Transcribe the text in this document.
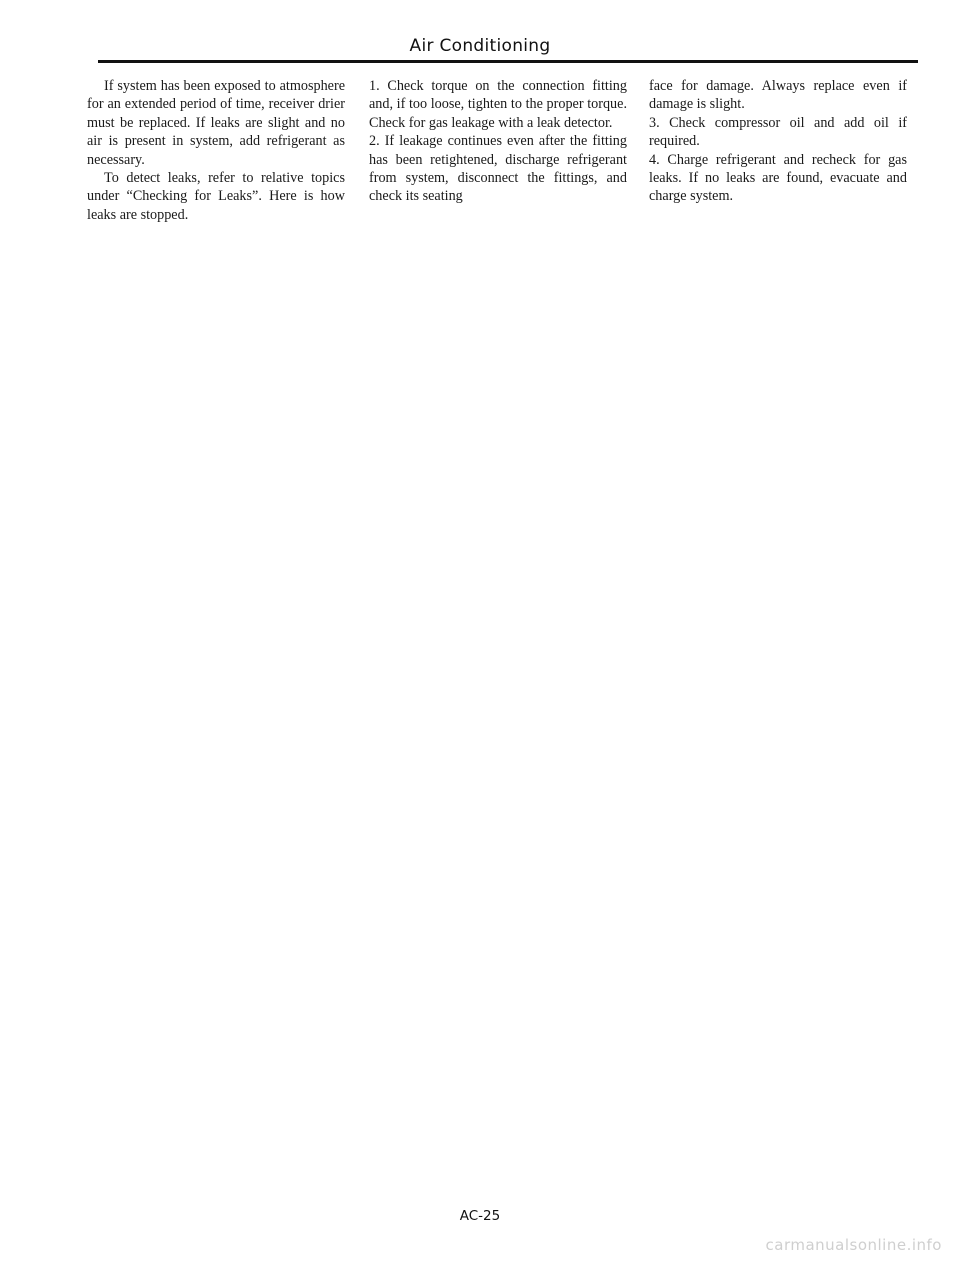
Air Conditioning

If system has been exposed to atmosphere for an extended period of time, receiver drier must be replaced. If leaks are slight and no air is present in system, add refrigerant as necessary.

To detect leaks, refer to relative topics under “Checking for Leaks”. Here is how leaks are stopped.

1. Check torque on the connection fitting and, if too loose, tighten to the proper torque. Check for gas leakage with a leak detector.

2. If leakage continues even after the fitting has been retightened, discharge refrigerant from system, disconnect the fittings, and check its seating

face for damage. Always replace even if damage is slight.

3. Check compressor oil and add oil if required.

4. Charge refrigerant and recheck for gas leaks. If no leaks are found, evacuate and charge system.

AC-25
carmanualsonline.info
